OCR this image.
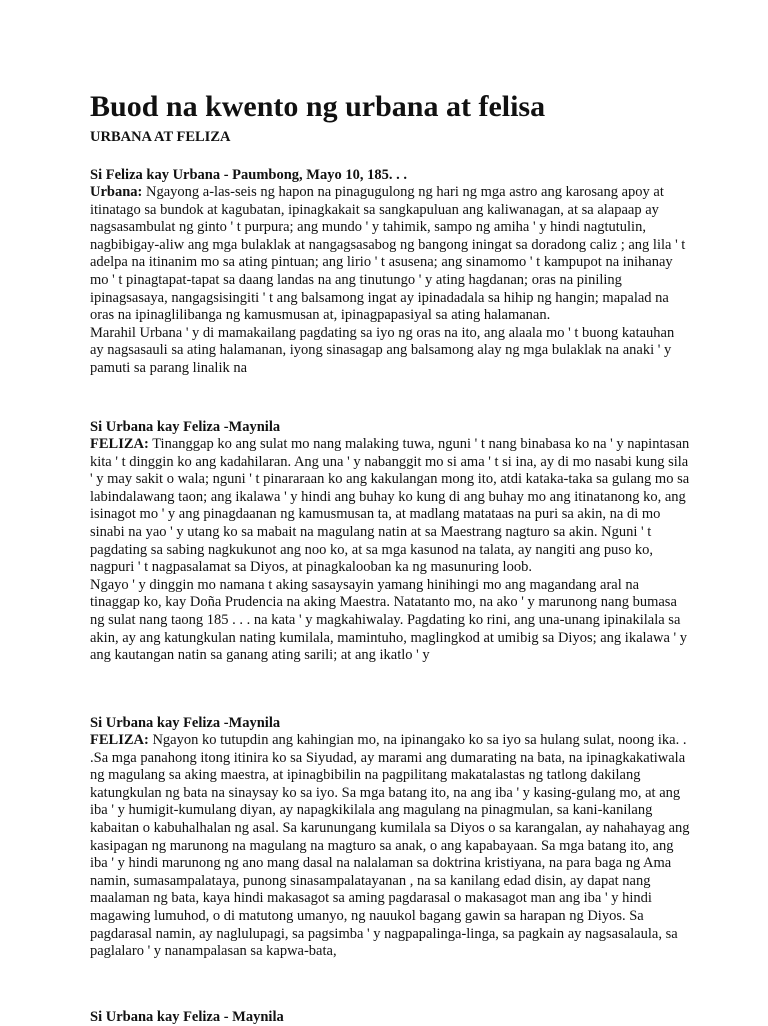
Buod na kwento ng urbana at felisa
URBANA AT FELIZA
Si Feliza kay Urbana - Paumbong, Mayo 10, 185. . .

Urbana: Ngayong a-las-seis ng hapon na pinagugulong ng hari ng mga astro ang karosang apoy at itinatago sa bundok at kagubatan, ipinagkakait sa sangkapuluan ang kaliwanagan, at sa alapaap ay nagsasambulat ng ginto ' t purpura; ang mundo ' y tahimik, sampo ng amiha ' y hindi nagtutulin, nagbibigay-aliw ang mga bulaklak at nangagsasabog ng bangong iningat sa doradong caliz ; ang lila ' t adelpa na itinanim mo sa ating pintuan; ang lirio ' t asusena; ang sinamomo ' t kampupot na inihanay mo ' t pinagtapat-tapat sa daang landas na ang tinutungo ' y ating hagdanan; oras na piniling ipinagsasaya, nangagsisingiti ' t ang balsamong ingat ay ipinadadala sa hihip ng hangin; mapalad na oras na ipinaglilibanga ng kamusmusan at, ipinagpapasiyal sa ating halamanan.

Marahil Urbana ' y di mamakailang pagdating sa iyo ng oras na ito, ang alaala mo ' t buong katauhan ay nagsasauli sa ating halamanan, iyong sinasagap ang balsamong alay ng mga bulaklak na anaki ' y pamuti sa parang linalik na

Si Urbana kay Feliza -Maynila

FELIZA: Tinanggap ko ang sulat mo nang malaking tuwa, nguni ' t nang binabasa ko na ' y napintasan kita ' t dinggin ko ang kadahilaran. Ang una ' y nabanggit mo si ama ' t si ina, ay di mo nasabi kung sila ' y may sakit o wala; nguni ' t pinararaan ko ang kakulangan mong ito, atdi kataka-taka sa gulang mo sa labindalawang taon; ang ikalawa ' y hindi ang buhay ko kung di ang buhay mo ang itinatanong ko, ang isinagot mo ' y ang pinagdaanan ng kamusmusan ta, at madlang matataas na puri sa akin, na di mo sinabi na yao ' y utang ko sa mabait na magulang natin at sa Maestrang nagturo sa akin. Nguni ' t pagdating sa sabing nagkukunot ang noo ko, at sa mga kasunod na talata, ay nangiti ang puso ko, nagpuri ' t nagpasalamat sa Diyos, at pinagkalooban ka ng masunuring loob.

Ngayo ' y dinggin mo namana t aking sasaysayin yamang hinihingi mo ang magandang aral na tinaggap ko, kay Doña Prudencia na aking Maestra. Natatanto mo, na ako ' y marunong nang bumasa ng sulat nang taong 185 . . . na kata ' y magkahiwalay. Pagdating ko rini, ang una-unang ipinakilala sa akin, ay ang katungkulan nating kumilala, mamintuho, maglingkod at umibig sa Diyos; ang ikalawa ' y ang kautangan natin sa ganang ating sarili; at ang ikatlo ' y

Si Urbana kay Feliza -Maynila

FELIZA: Ngayon ko tutupdin ang kahingian mo, na ipinangako ko sa iyo sa hulang sulat, noong ika. . .Sa mga panahong itong itinira ko sa Siyudad, ay marami ang dumarating na bata, na ipinagkakatiwala ng magulang sa aking maestra, at ipinagbibilin na pagpilitang makatalastas ng tatlong dakilang katungkulan ng bata na sinaysay ko sa iyo. Sa mga batang ito, na ang iba ' y kasing-gulang mo, at ang iba ' y humigit-kumulang diyan, ay napagkikilala ang magulang na pinagmulan, sa kani-kanilang kabaitan o kabuhalhalan ng asal. Sa karunungang kumilala sa Diyos o sa karangalan, ay nahahayag ang kasipagan ng marunong na magulang na magturo sa anak, o ang kapabayaan. Sa mga batang ito, ang iba ' y hindi marunong ng ano mang dasal na nalalaman sa doktrina kristiyana, na para baga ng Ama namin, sumasampalataya, punong sinasampalatayanan , na sa kanilang edad disin, ay dapat nang maalaman ng bata, kaya hindi makasagot sa aming pagdarasal o makasagot man ang iba ' y hindi magawing lumuhod, o di matutong umanyo, ng nauukol bagang gawin sa harapan ng Diyos. Sa pagdarasal namin, ay naglulupagi, sa pagsimba ' y nagpapalinga-linga, sa pagkain ay nagsasalaula, sa paglalaro ' y nanampalasan sa kapwa-bata,

Si Urbana kay Feliza - Maynila
